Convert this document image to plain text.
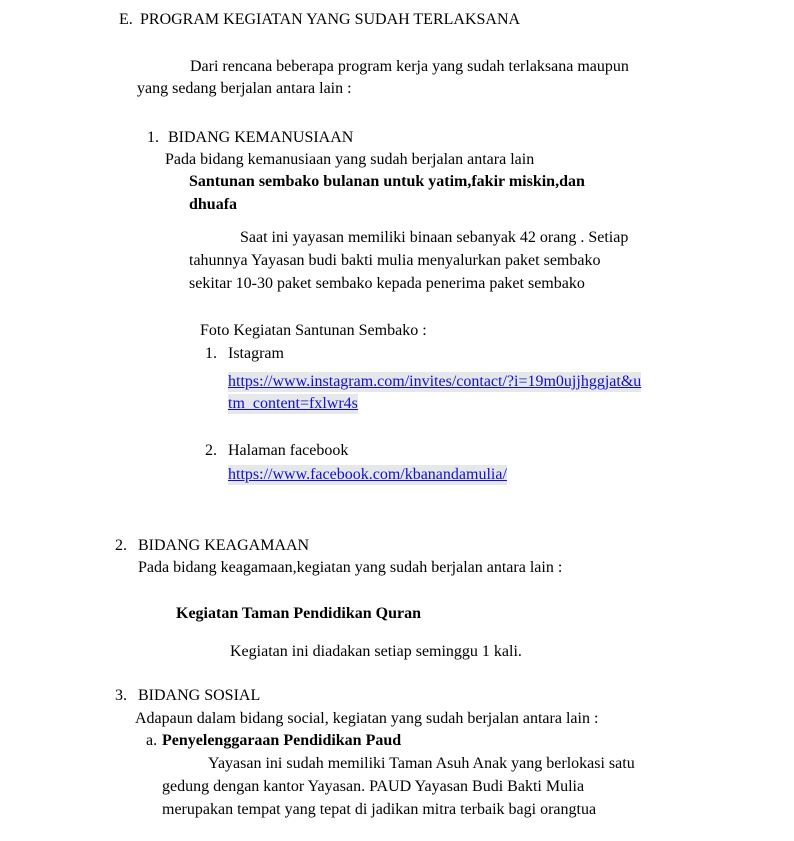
E. PROGRAM KEGIATAN YANG SUDAH TERLAKSANA
Dari rencana beberapa program kerja yang sudah terlaksana maupun
yang sedang berjalan antara lain :
1. BIDANG KEMANUSIAAN
Pada bidang kemanusiaan yang sudah berjalan antara lain
Santunan sembako bulanan untuk yatim,fakir miskin,dan
dhuafa
Saat ini yayasan memiliki binaan sebanyak 42 orang . Setiap
tahunnya Yayasan budi bakti mulia menyalurkan paket sembako
sekitar 10-30 paket sembako kepada penerima paket sembako
Foto Kegiatan Santunan Sembako :
1. Istagram
https://www.instagram.com/invites/contact/?i=19m0ujjhggjat&u
tm_content=fxlwr4s
2. Halaman facebook
https://www.facebook.com/kbanandamulia/
2. BIDANG KEAGAMAAN
Pada bidang keagamaan,kegiatan yang sudah berjalan antara lain :
Kegiatan Taman Pendidikan Quran
Kegiatan ini diadakan setiap seminggu 1 kali.
3. BIDANG SOSIAL
Adapaun dalam bidang social, kegiatan yang sudah berjalan antara lain :
a. Penyelenggaraan Pendidikan Paud
Yayasan ini sudah memiliki Taman Asuh Anak yang berlokasi satu
gedung dengan kantor Yayasan. PAUD Yayasan Budi Bakti Mulia
merupakan tempat yang tepat di jadikan mitra terbaik bagi orangtua
